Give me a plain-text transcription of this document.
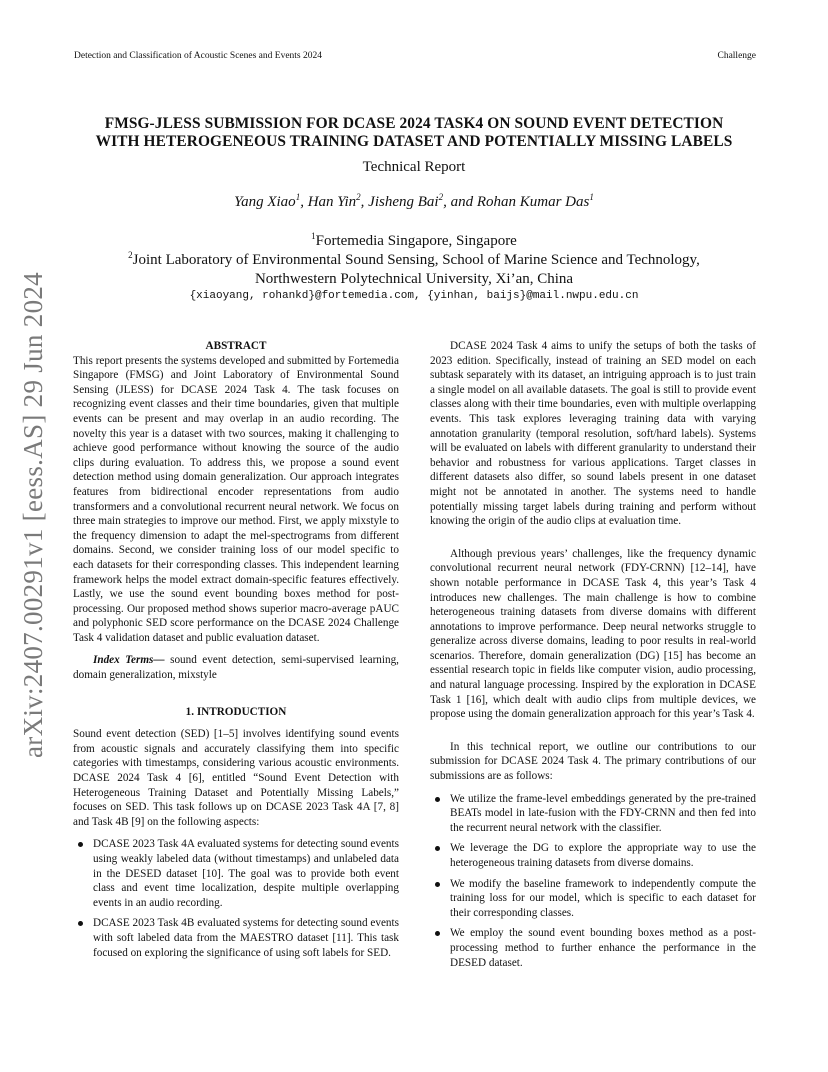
Detection and Classification of Acoustic Scenes and Events 2024	Challenge
arXiv:2407.00291v1 [eess.AS] 29 Jun 2024
FMSG-JLESS SUBMISSION FOR DCASE 2024 TASK4 ON SOUND EVENT DETECTION
WITH HETEROGENEOUS TRAINING DATASET AND POTENTIALLY MISSING LABELS
Technical Report
Yang Xiao$^1$, Han Yin$^2$, Jisheng Bai$^2$, and Rohan Kumar Das$^1$
$^1$Fortemedia Singapore, Singapore
$^2$Joint Laboratory of Environmental Sound Sensing, School of Marine Science and Technology,
Northwestern Polytechnical University, Xi’an, China
{xiaoyang, rohankd}@fortemedia.com, {yinhan, baijs}@mail.nwpu.edu.cn

ABSTRACT

This report presents the systems developed and submitted by Fortemedia Singapore (FMSG) and Joint Laboratory of Environmental Sound Sensing (JLESS) for DCASE 2024 Task 4. The task focuses on recognizing event classes and their time boundaries, given that multiple events can be present and may overlap in an audio recording. The novelty this year is a dataset with two sources, making it challenging to achieve good performance without knowing the source of the audio clips during evaluation. To address this, we propose a sound event detection method using domain generalization. Our approach integrates features from bidirectional encoder representations from audio transformers and a convolutional recurrent neural network. We focus on three main strategies to improve our method. First, we apply mixstyle to the frequency dimension to adapt the mel-spectrograms from different domains. Second, we consider training loss of our model specific to each datasets for their corresponding classes. This independent learning framework helps the model extract domain-specific features effectively. Lastly, we use the sound event bounding boxes method for post-processing. Our proposed method shows superior macro-average pAUC and polyphonic SED score performance on the DCASE 2024 Challenge Task 4 validation dataset and public evaluation dataset.

Index Terms— sound event detection, semi-supervised learning, domain generalization, mixstyle

1. INTRODUCTION

Sound event detection (SED) [1–5] involves identifying sound events from acoustic signals and accurately classifying them into specific categories with timestamps, considering various acoustic environments. DCASE 2024 Task 4 [6], entitled “Sound Event Detection with Heterogeneous Training Dataset and Potentially Missing Labels,” focuses on SED. This task follows up on DCASE 2023 Task 4A [7, 8] and Task 4B [9] on the following aspects:

DCASE 2023 Task 4A evaluated systems for detecting sound events using weakly labeled data (without timestamps) and unlabeled data in the DESED dataset [10]. The goal was to provide both event class and event time localization, despite multiple overlapping events in an audio recording.
DCASE 2023 Task 4B evaluated systems for detecting sound events with soft labeled data from the MAESTRO dataset [11]. This task focused on exploring the significance of using soft labels for SED.

DCASE 2024 Task 4 aims to unify the setups of both the tasks of 2023 edition. Specifically, instead of training an SED model on each subtask separately with its dataset, an intriguing approach is to just train a single model on all available datasets. The goal is still to provide event classes along with their time boundaries, even with multiple overlapping events. This task explores leveraging training data with varying annotation granularity (temporal resolution, soft/hard labels). Systems will be evaluated on labels with different granularity to understand their behavior and robustness for various applications. Target classes in different datasets also differ, so sound labels present in one dataset might not be annotated in another. The systems need to handle potentially missing target labels during training and perform without knowing the origin of the audio clips at evaluation time.

Although previous years’ challenges, like the frequency dynamic convolutional recurrent neural network (FDY-CRNN) [12–14], have shown notable performance in DCASE Task 4, this year’s Task 4 introduces new challenges. The main challenge is how to combine heterogeneous training datasets from diverse domains with different annotations to improve performance. Deep neural networks struggle to generalize across diverse domains, leading to poor results in real-world scenarios. Therefore, domain generalization (DG) [15] has become an essential research topic in fields like computer vision, audio processing, and natural language processing. Inspired by the exploration in DCASE Task 1 [16], which dealt with audio clips from multiple devices, we propose using the domain generalization approach for this year’s Task 4.

In this technical report, we outline our contributions to our submission for DCASE 2024 Task 4. The primary contributions of our submissions are as follows:

We utilize the frame-level embeddings generated by the pre-trained BEATs model in late-fusion with the FDY-CRNN and then fed into the recurrent neural network with the classifier.
We leverage the DG to explore the appropriate way to use the heterogeneous training datasets from diverse domains.
We modify the baseline framework to independently compute the training loss for our model, which is specific to each dataset for their corresponding classes.
We employ the sound event bounding boxes method as a post-processing method to further enhance the performance in the DESED dataset.
